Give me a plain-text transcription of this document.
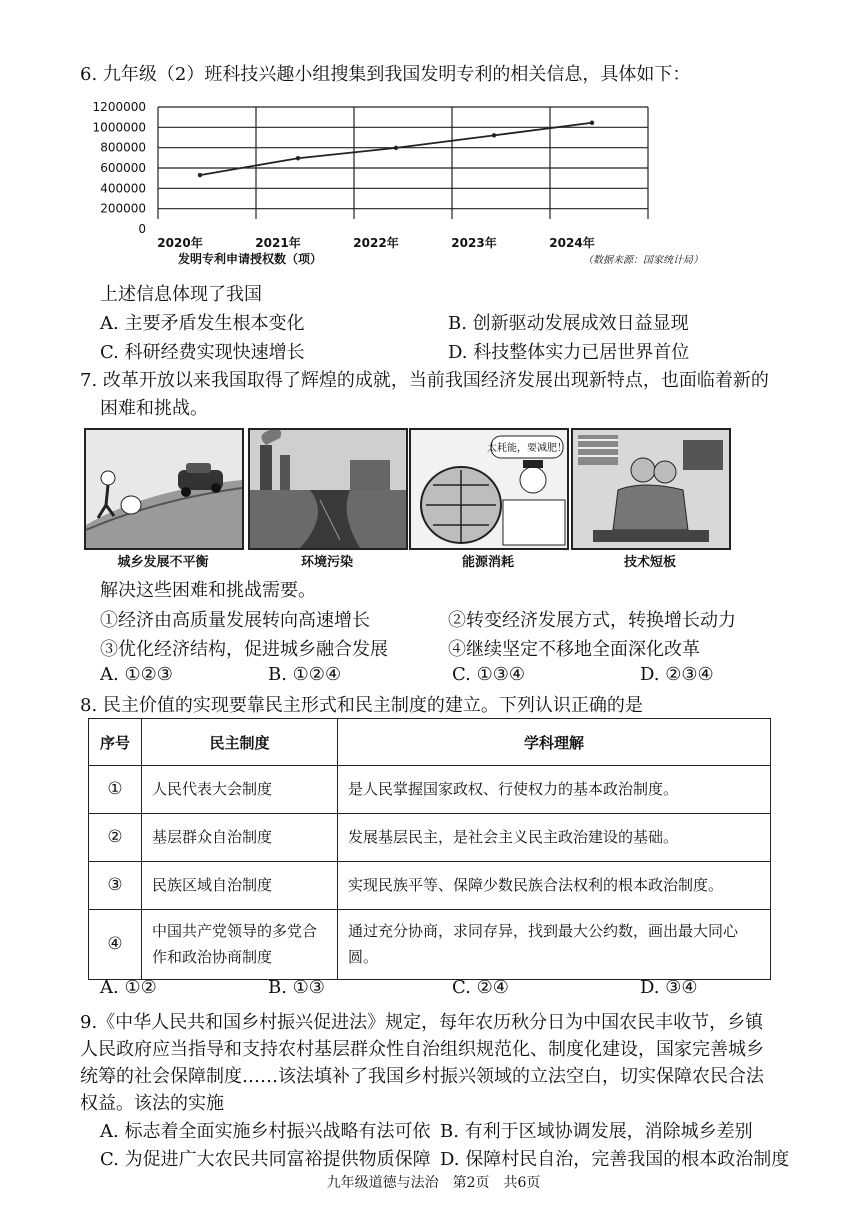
6. 九年级（2）班科技兴趣小组搜集到我国发明专利的相关信息，具体如下：
1200000
1000000
800000
600000
400000
200000
0
2020年	2021年	2022年	2023年	2024年
发明专利申请授权数（项）	（数据来源：国家统计局）
上述信息体现了我国
A. 主要矛盾发生根本变化	B. 创新驱动发展成效日益显现
C. 科研经费实现快速增长	D. 科技整体实力已居世界首位
7. 改革开放以来我国取得了辉煌的成就，当前我国经济发展出现新特点，也面临着新的
困难和挑战。
太耗能，要减肥！
城乡发展不平衡	环境污染	能源消耗	技术短板
解决这些困难和挑战需要。
①经济由高质量发展转向高速增长	②转变经济发展方式，转换增长动力
③优化经济结构，促进城乡融合发展	④继续坚定不移地全面深化改革
A. ①②③	B. ①②④	C. ①③④	D. ②③④
8. 民主价值的实现要靠民主形式和民主制度的建立。下列认识正确的是
序号	民主制度	学科理解
①	人民代表大会制度	是人民掌握国家政权、行使权力的基本政治制度。
②	基层群众自治制度	发展基层民主，是社会主义民主政治建设的基础。
③	民族区域自治制度	实现民族平等、保障少数民族合法权利的根本政治制度。
④	中国共产党领导的多党合作和政治协商制度	通过充分协商，求同存异，找到最大公约数，画出最大同心圆。
A. ①②	B. ①③	C. ②④	D. ③④
9.《中华人民共和国乡村振兴促进法》规定，每年农历秋分日为中国农民丰收节，乡镇
人民政府应当指导和支持农村基层群众性自治组织规范化、制度化建设，国家完善城乡
统筹的社会保障制度……该法填补了我国乡村振兴领域的立法空白，切实保障农民合法
权益。该法的实施
A. 标志着全面实施乡村振兴战略有法可依 B. 有利于区域协调发展，消除城乡差别
C. 为促进广大农民共同富裕提供物质保障 D. 保障村民自治，完善我国的根本政治制度
九年级道德与法治　第2页　共6页
